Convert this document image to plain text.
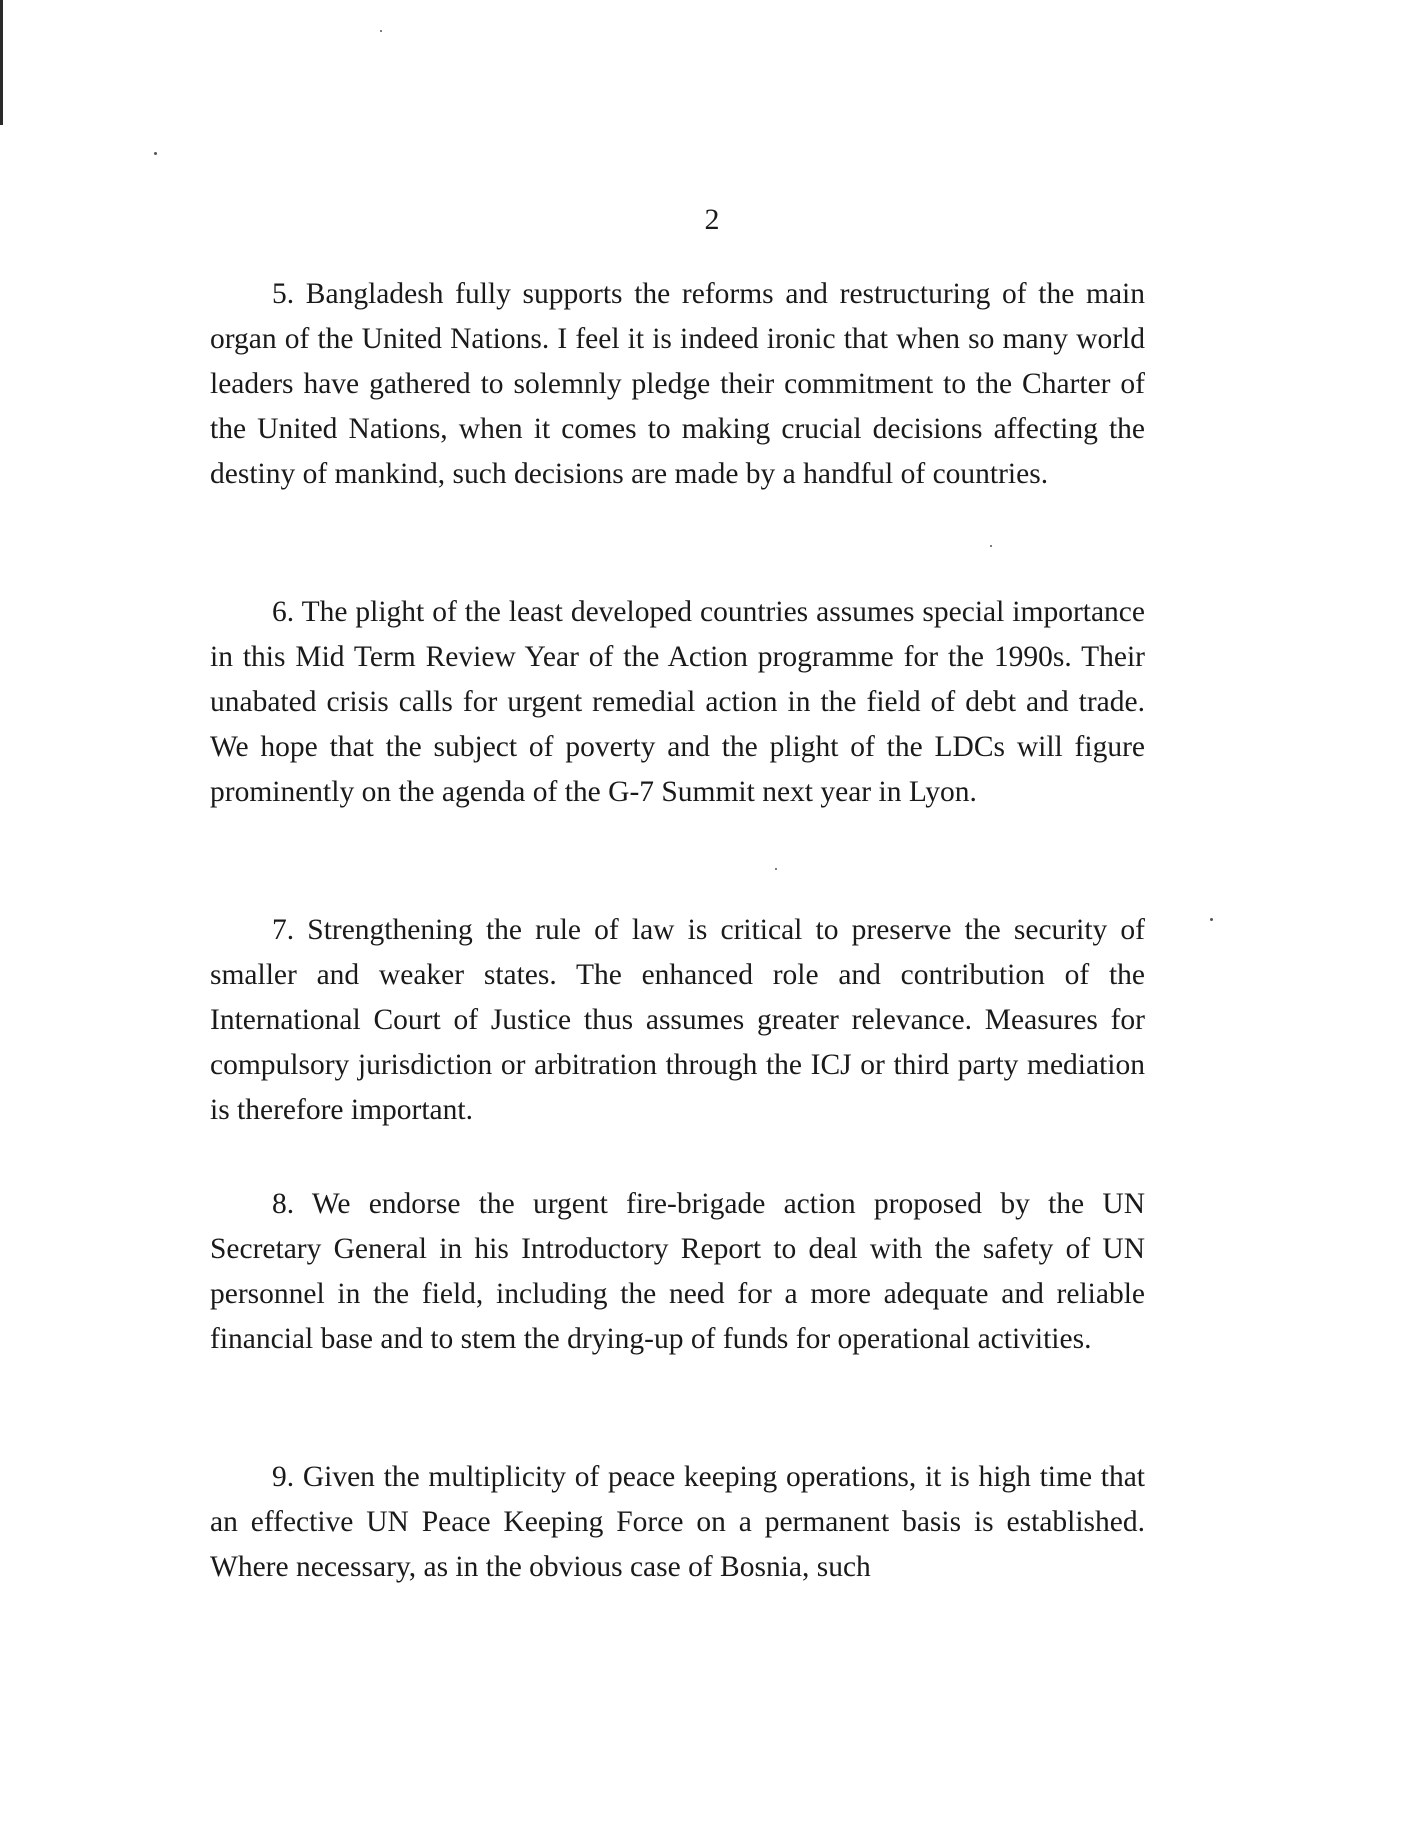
2

5. Bangladesh fully supports the reforms and restructuring of the main organ of the United Nations. I feel it is indeed ironic that when so many world leaders have gathered to solemnly pledge their commitment to the Charter of the United Nations, when it comes to making crucial decisions affecting the destiny of mankind, such decisions are made by a handful of countries.

6. The plight of the least developed countries assumes special importance in this Mid Term Review Year of the Action programme for the 1990s. Their unabated crisis calls for urgent remedial action in the field of debt and trade. We hope that the subject of poverty and the plight of the LDCs will figure prominently on the agenda of the G-7 Summit next year in Lyon.

7. Strengthening the rule of law is critical to preserve the security of smaller and weaker states. The enhanced role and contribution of the International Court of Justice thus assumes greater relevance. Measures for compulsory jurisdiction or arbitration through the ICJ or third party mediation is therefore important.

8. We endorse the urgent fire-brigade action proposed by the UN Secretary General in his Introductory Report to deal with the safety of UN personnel in the field, including the need for a more adequate and reliable financial base and to stem the drying-up of funds for operational activities.

9. Given the multiplicity of peace keeping operations, it is high time that an effective UN Peace Keeping Force on a permanent basis is established. Where necessary, as in the obvious case of Bosnia, such
